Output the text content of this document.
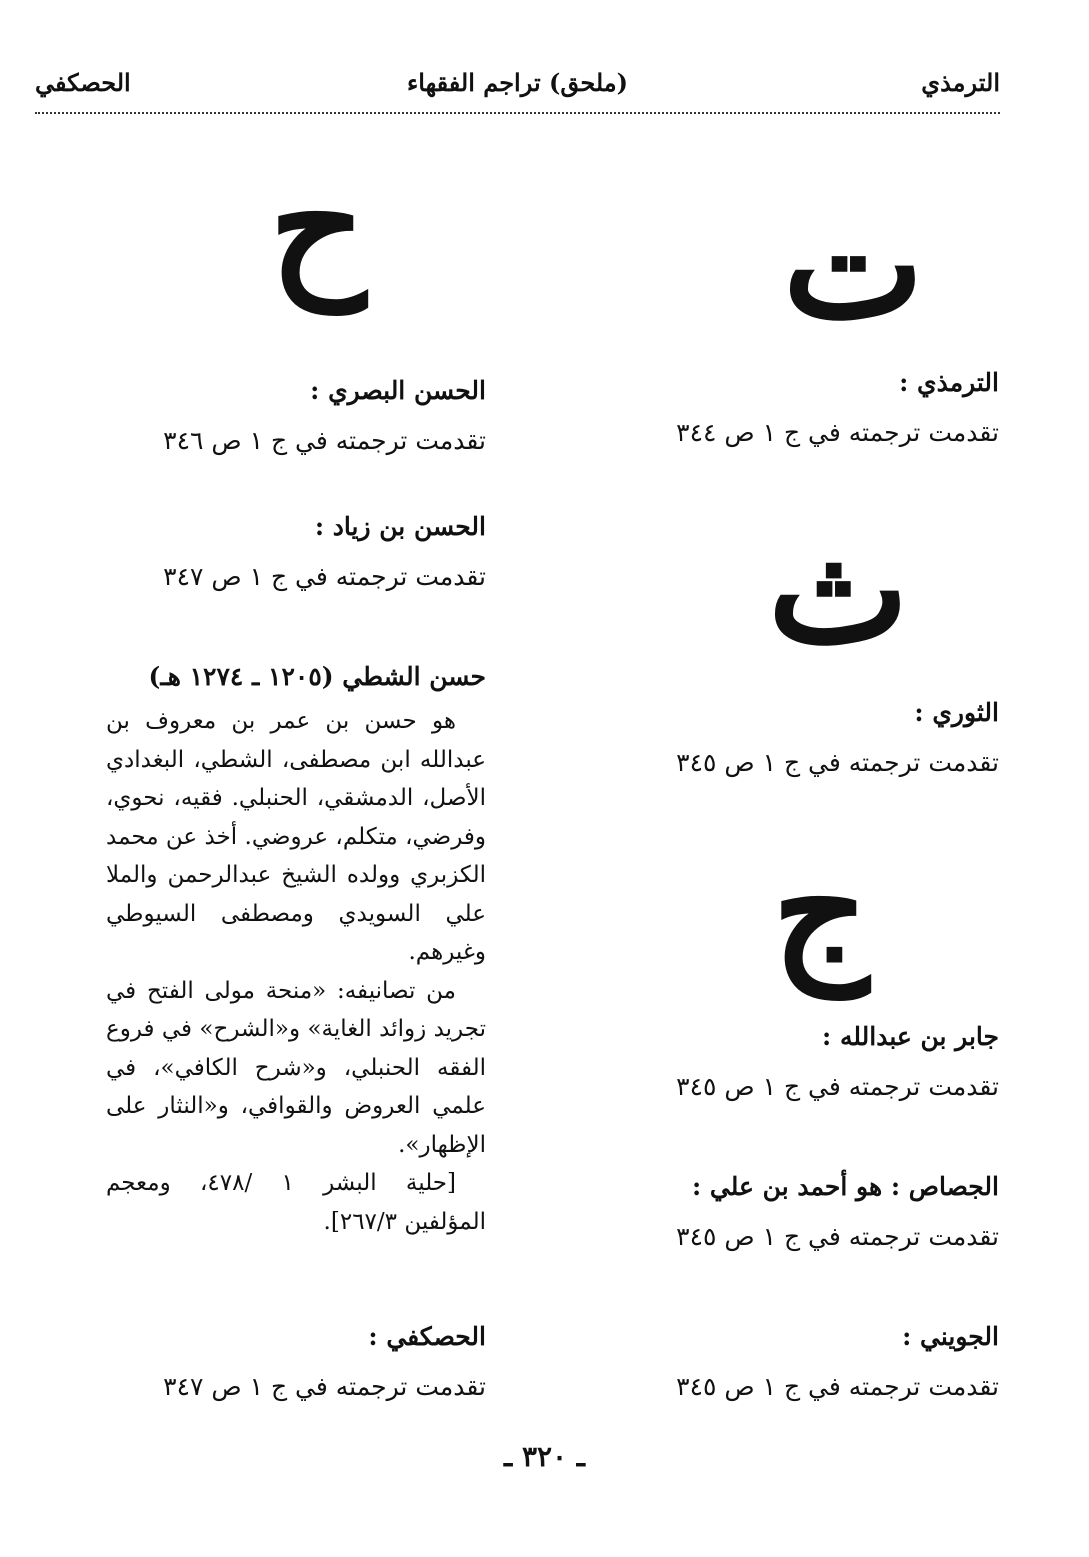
الترمذي
(ملحق) تراجم الفقهاء
الحصكفي
ت
الترمذي :
تقدمت ترجمته في ج ١ ص ٣٤٤
ث
الثوري :
تقدمت ترجمته في ج ١ ص ٣٤٥
ج
جابر بن عبدالله :
تقدمت ترجمته في ج ١ ص ٣٤٥
الجصاص : هو أحمد بن علي :
تقدمت ترجمته في ج ١ ص ٣٤٥
الجويني :
تقدمت ترجمته في ج ١ ص ٣٤٥
ح
الحسن البصري :
تقدمت ترجمته في ج ١ ص ٣٤٦
الحسن بن زياد :
تقدمت ترجمته في ج ١ ص ٣٤٧
حسن الشطي (١٢٠٥ ـ ١٢٧٤ هـ)

هو حسن بن عمر بن معروف بن عبدالله ابن مصطفى، الشطي، البغدادي الأصل، الدمشقي، الحنبلي. فقيه، نحوي، وفرضي، متكلم، عروضي. أخذ عن محمد الكزبري وولده الشيخ عبدالرحمن والملا علي السويدي ومصطفى السيوطي وغيرهم.

من تصانيفه: «منحة مولى الفتح في تجريد زوائد الغاية» و«الشرح» في فروع الفقه الحنبلي، و«شرح الكافي»، في علمي العروض والقوافي، و«النثار على الإظهار».

[حلية البشر ١ /٤٧٨، ومعجم المؤلفين ٢٦٧/٣].

الحصكفي :
تقدمت ترجمته في ج ١ ص ٣٤٧
ـ ٣٢٠ ـ
